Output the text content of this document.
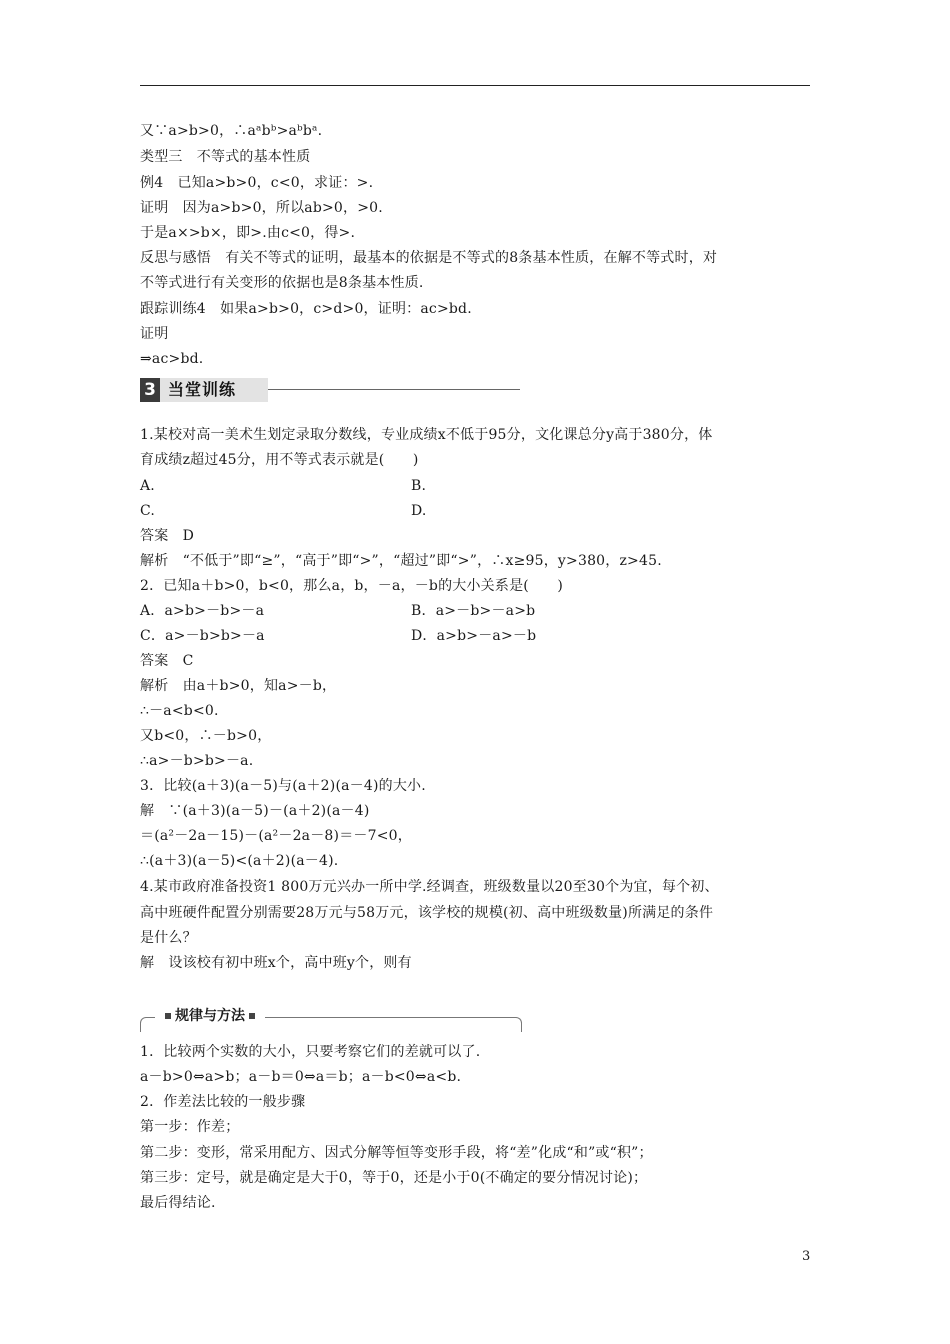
又∵a>b>0，∴aᵃbᵇ>aᵇbᵃ.
类型三　不等式的基本性质
例4　已知a>b>0，c<0，求证：>.
证明　因为a>b>0，所以ab>0，>0.
于是a×>b×，即>.由c<0，得>.
反思与感悟　有关不等式的证明，最基本的依据是不等式的8条基本性质，在解不等式时，对
不等式进行有关变形的依据也是8条基本性质.
跟踪训练4　如果a>b>0，c>d>0，证明：ac>bd.
证明
⇒ac>bd.
3 当堂训练
1.某校对高一美术生划定录取分数线，专业成绩x不低于95分，文化课总分y高于380分，体
育成绩z超过45分，用不等式表示就是(　　)
A.	B.
C.	D.
答案　D
解析　“不低于”即“≥”，“高于”即“>”，“超过”即“>”，∴x≥95，y>380，z>45.
2．已知a＋b>0，b<0，那么a，b，－a，－b的大小关系是(　　)
A．a>b>－b>－a	B．a>－b>－a>b
C．a>－b>b>－a	D．a>b>－a>－b
答案　C
解析　由a＋b>0，知a>－b，
∴－a<b<0.
又b<0，∴－b>0，
∴a>－b>b>－a.
3．比较(a＋3)(a－5)与(a＋2)(a－4)的大小.
解　∵(a＋3)(a－5)－(a＋2)(a－4)
＝(a²－2a－15)－(a²－2a－8)＝－7<0，
∴(a＋3)(a－5)<(a＋2)(a－4).
4.某市政府准备投资1 800万元兴办一所中学.经调查，班级数量以20至30个为宜，每个初、
高中班硬件配置分别需要28万元与58万元，该学校的规模(初、高中班级数量)所满足的条件
是什么？
解　设该校有初中班x个，高中班y个，则有
规律与方法
1．比较两个实数的大小，只要考察它们的差就可以了.
a－b>0⇔a>b；a－b＝0⇔a＝b；a－b<0⇔a<b.
2．作差法比较的一般步骤
第一步：作差；
第二步：变形，常采用配方、因式分解等恒等变形手段，将“差”化成“和”或“积”；
第三步：定号，就是确定是大于0，等于0，还是小于0(不确定的要分情况讨论)；
最后得结论.
3
